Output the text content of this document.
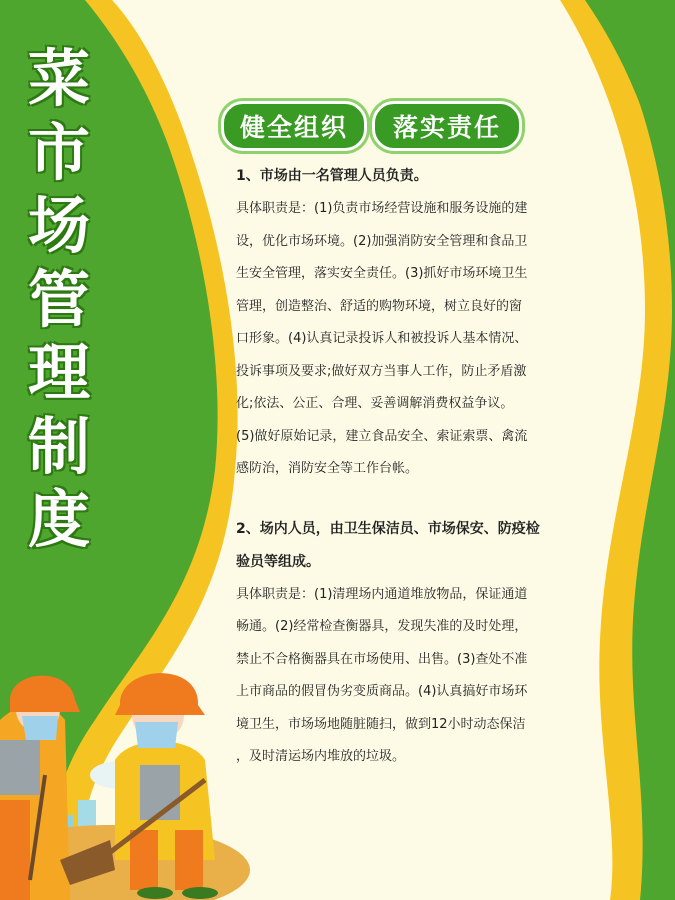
菜
市
场
管
理
制
度
健全组织 落实责任

1、市场由一名管理人员负责。

具体职责是：(1)负责市场经营设施和服务设施的建

设，优化市场环境。(2)加强消防安全管理和食品卫

生安全管理，落实安全责任。(3)抓好市场环境卫生

管理，创造整治、舒适的购物环境，树立良好的窗

口形象。(4)认真记录投诉人和被投诉人基本情况、

投诉事项及要求;做好双方当事人工作，防止矛盾激

化;依法、公正、合理、妥善调解消费权益争议。

(5)做好原始记录，建立食品安全、索证索票、禽流

感防治，消防安全等工作台帐。

2、场内人员，由卫生保洁员、市场保安、防疫检

验员等组成。

具体职责是：(1)清理场内通道堆放物品，保证通道

畅通。(2)经常检查衡器具，发现失准的及时处理，

禁止不合格衡器具在市场使用、出售。(3)查处不准

上市商品的假冒伪劣变质商品。(4)认真搞好市场环

境卫生，市场场地随脏随扫，做到12小时动态保洁

，及时清运场内堆放的垃圾。
